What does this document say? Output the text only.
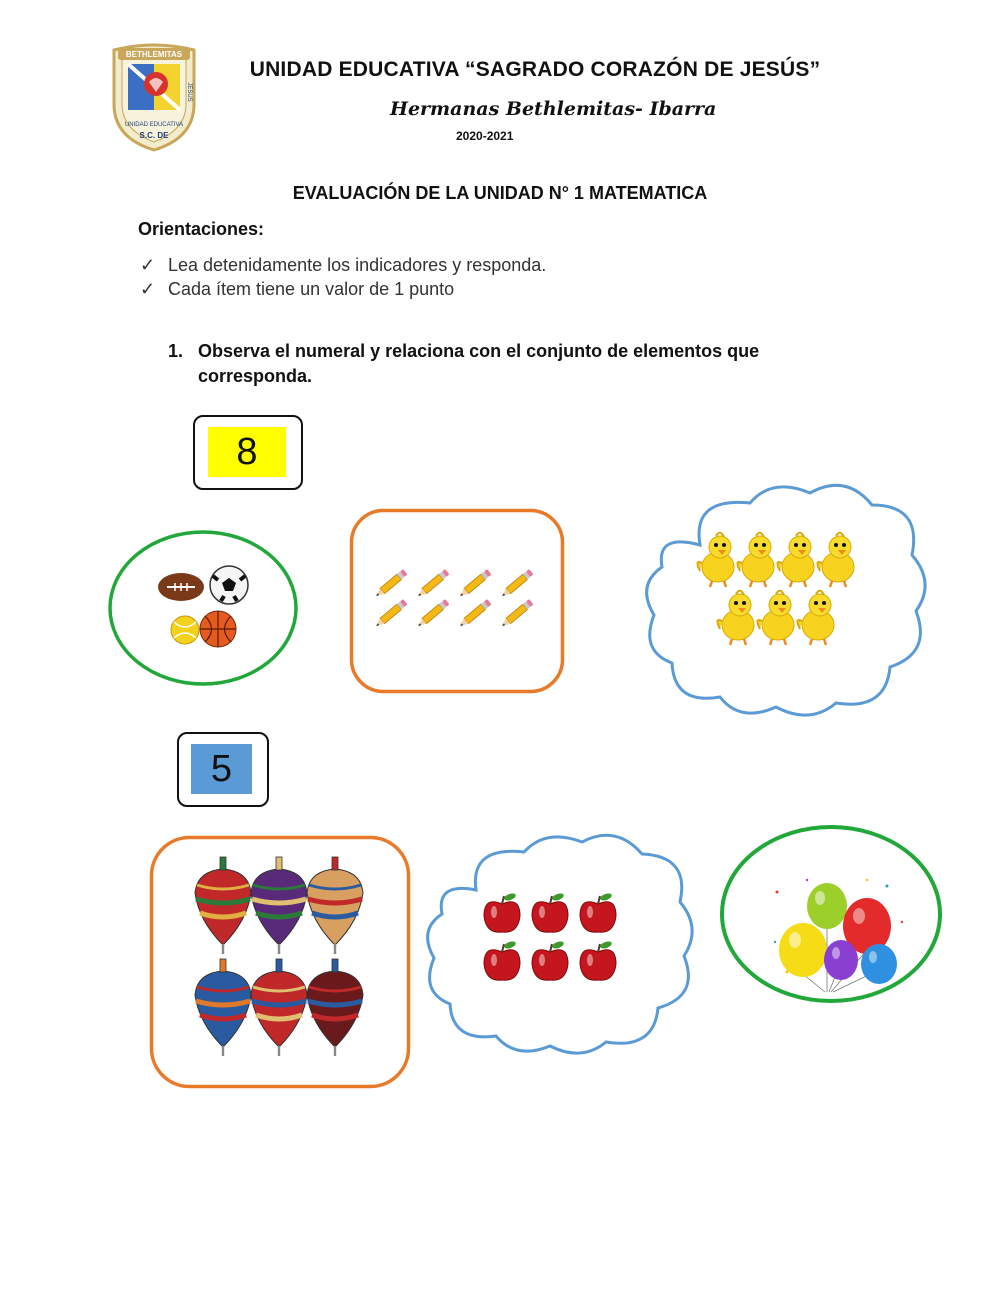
BETHLEMITAS
UNIDAD EDUCATIVA
S.C. DE
JESUS
UNIDAD EDUCATIVA “SAGRADO CORAZÓN DE JESÚS”
Hermanas Bethlemitas- Ibarra
2020-2021
EVALUACIÓN DE LA UNIDAD N° 1 MATEMATICA
Orientaciones:
✓ Lea detenidamente los indicadores y responda.
✓ Cada ítem tiene un valor de 1 punto
1. Observa el numeral y relaciona con el conjunto de elementos que corresponda.
8
5
